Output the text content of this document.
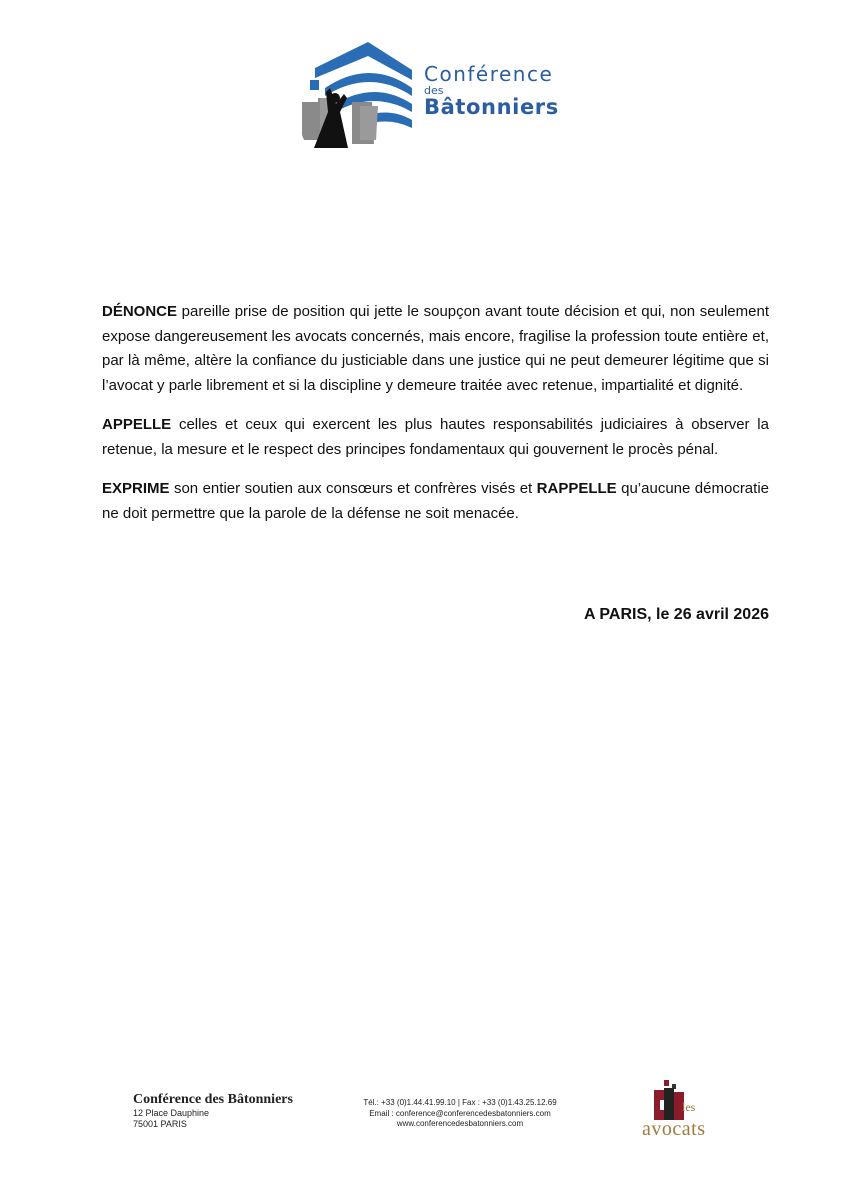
Conférence
des
Bâtonniers

DÉNONCE pareille prise de position qui jette le soupçon avant toute décision et qui, non seulement expose dangereusement les avocats concernés, mais encore, fragilise la profession toute entière et, par là même, altère la confiance du justiciable dans une justice qui ne peut demeurer légitime que si l’avocat y parle librement et si la discipline y demeure traitée avec retenue, impartialité et dignité.

APPELLE celles et ceux qui exercent les plus hautes responsabilités judiciaires à observer la retenue, la mesure et le respect des principes fondamentaux qui gouvernent le procès pénal.

EXPRIME son entier soutien aux consœurs et confrères visés et RAPPELLE qu’aucune démocratie ne doit permettre que la parole de la défense ne soit menacée.

A PARIS, le 26 avril 2026
Conférence des Bâtonniers
12 Place Dauphine
75001 PARIS
Tél.: +33 (0)1.44.41.99.10 | Fax : +33 (0)1.43.25.12.69
Email : conference@conferencedesbatonniers.com
www.conferencedesbatonniers.com
les
avocats
